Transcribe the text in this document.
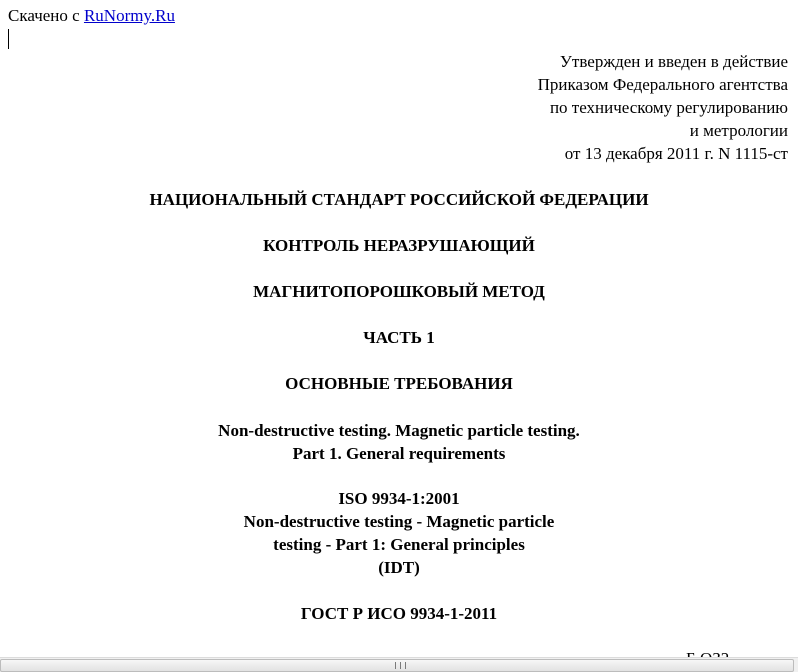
Скачено с RuNormy.Ru
Утвержден и введен в действие
Приказом Федерального агентства
по техническому регулированию
и метрологии
от 13 декабря 2011 г. N 1115-ст
НАЦИОНАЛЬНЫЙ СТАНДАРТ РОССИЙСКОЙ ФЕДЕРАЦИИ
КОНТРОЛЬ НЕРАЗРУШАЮЩИЙ
МАГНИТОПОРОШКОВЫЙ МЕТОД
ЧАСТЬ 1
ОСНОВНЫЕ ТРЕБОВАНИЯ
Non-destructive testing. Magnetic particle testing.
Part 1. General requirements
ISO 9934-1:2001
Non-destructive testing - Magnetic particle
testing - Part 1: General principles
(IDT)
ГОСТ Р ИСО 9934-1-2011
